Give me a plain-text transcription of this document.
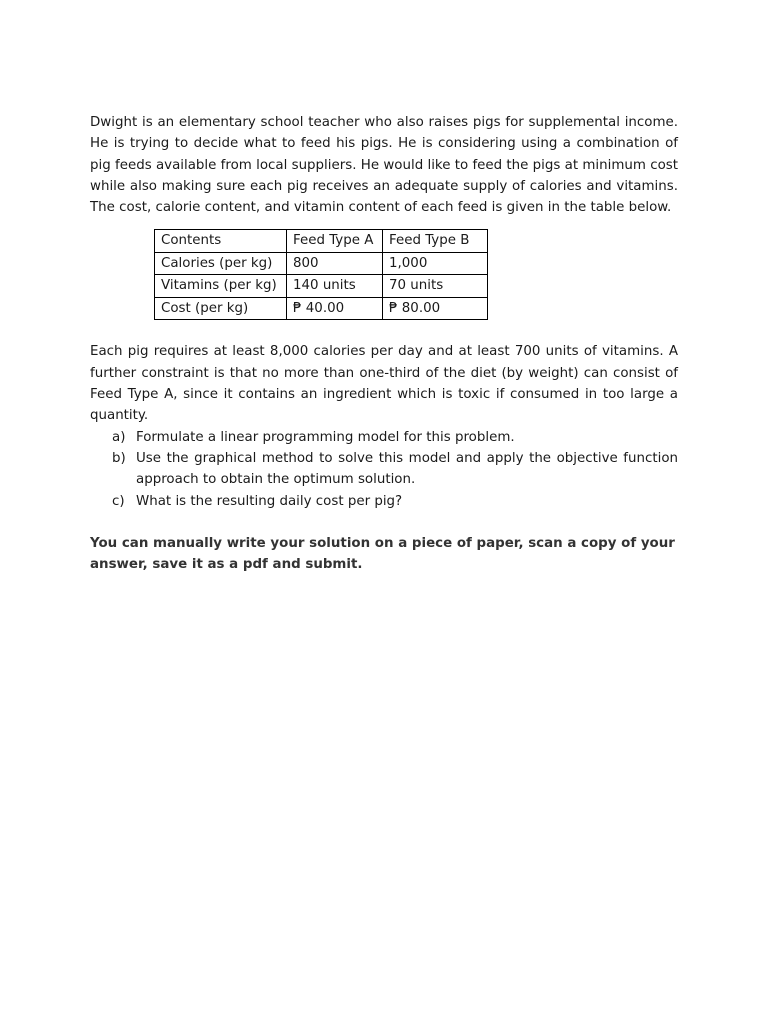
Dwight is an elementary school teacher who also raises pigs for supplemental income. He is trying to decide what to feed his pigs. He is considering using a combination of pig feeds available from local suppliers. He would like to feed the pigs at minimum cost while also making sure each pig receives an adequate supply of calories and vitamins. The cost, calorie content, and vitamin content of each feed is given in the table below.

Contents	Feed Type A	Feed Type B
Calories (per kg)	800	1,000
Vitamins (per kg)	140 units	70 units
Cost (per kg)	₱ 40.00	₱ 80.00

Each pig requires at least 8,000 calories per day and at least 700 units of vitamins. A further constraint is that no more than one-third of the diet (by weight) can consist of Feed Type A, since it contains an ingredient which is toxic if consumed in too large a quantity.

a) Formulate a linear programming model for this problem.
b) Use the graphical method to solve this model and apply the objective function approach to obtain the optimum solution.
c) What is the resulting daily cost per pig?

You can manually write your solution on a piece of paper, scan a copy of your answer, save it as a pdf and submit.
